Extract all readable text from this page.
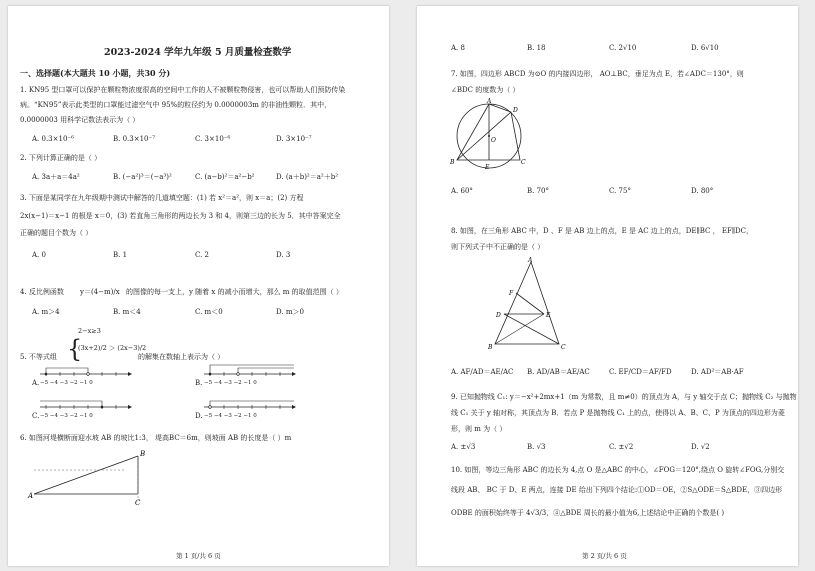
2023-2024 学年九年级 5 月质量检查数学
一、选择题(本大题共 10 小题，共30 分)
1. KN95 型口罩可以保护在颗粒物浓度很高的空间中工作的人不被颗粒物侵害，也可以帮助人们预防传染
病。“KN95”表示此类型的口罩能过滤空气中 95%的粒径约为 0.0000003m 的非油性颗粒．其中，
0.0000003 用科学记数法表示为（ ）
A. 0.3×10⁻⁶	B. 0.3×10⁻⁷	C. 3×10⁻⁶	D. 3×10⁻⁷
2. 下列计算正确的是（ ）
A. 3a＋a＝4a²	B. (−a²)³＝(−a³)²	C. (a−b)²＝a²−b²	D. (a＋b)²＝a²＋b²
3. 下面是某同学在九年级期中测试中解答的几道填空题：(1) 若 x²＝a²，则 x＝a；(2) 方程
2x(x−1)＝x−1 的根是 x＝0，(3) 若直角三角形的两边长为 3 和 4，则第三边的长为 5．其中答案完全
正确的题目个数为（ ）
A. 0	B. 1	C. 2	D. 3
4. 反比例函数 y＝(4−m)/x 的图像的每一支上，y 随着 x 的减小而增大，那么 m 的取值范围（ ）
A. m＞4	B. m＜4	C. m＜0	D. m＞0
5. 不等式组 {
2−x≥3
(3x+2)/2 ＞ (2x−3)/2
的解集在数轴上表示为（ ）
A.	B.
C.	D.
−5 −4 −3 −2 −1 0	−5 −4 −3 −2 −1 0
−5 −4 −3 −2 −1 0	−5 −4 −3 −2 −1 0
6. 如图河堤横断面迎水坡 AB 的坡比1:3， 堤高BC＝6m，则坡面 AB 的长度是（ ）m
A
B
C
第 1 页/共 6 页
A. 8	B. 18	C. 2√10	D. 6√10
7. 如图，四边形 ABCD 为⊙O 的内接四边形， AO⊥BC，垂足为点 E，若∠ADC＝130°，则
∠BDC 的度数为（ ）
A
B	C
D
E
O
A. 60°	B. 70°	C. 75°	D. 80°
8. 如图，在三角形 ABC 中，D 、F 是 AB 边上的点，E 是 AC 边上的点，DE∥BC ， EF∥DC，
则下列式子中不正确的是（ ）
A
B	C
D	E
F
A. AF/AD＝AE/AC B. AD/AB＝AE/AC	C. EF/CD＝AF/FD	D. AD²＝AB·AF
9. 已知抛物线 C₁: y＝−x²+2mx+1（m 为常数，且 m≠0）的顶点为 A，与 y 轴交于点 C；抛物线 C₂ 与抛物
线 C₁ 关于 y 轴对称，其顶点为 B．若点 P 是抛物线 C₁ 上的点，使得以 A、B、C、P 为顶点的四边形为菱
形，则 m 为（ ）
A. ±√3	B. √3	C. ±√2	D. √2
10. 如图，等边三角形 ABC 的边长为 4,点 O 是△ABC 的中心，∠FOG＝120°,绕点 O 旋转∠FOG,分别交
线段 AB、 BC 于 D、E 两点，连接 DE 给出下列四个结论:①OD＝OE，②S△ODE＝S△BDE，③四边形
ODBE 的面积始终等于 4√3/3，④△BDE 周长的最小值为6,上述结论中正确的个数是( )
第 2 页/共 6 页
